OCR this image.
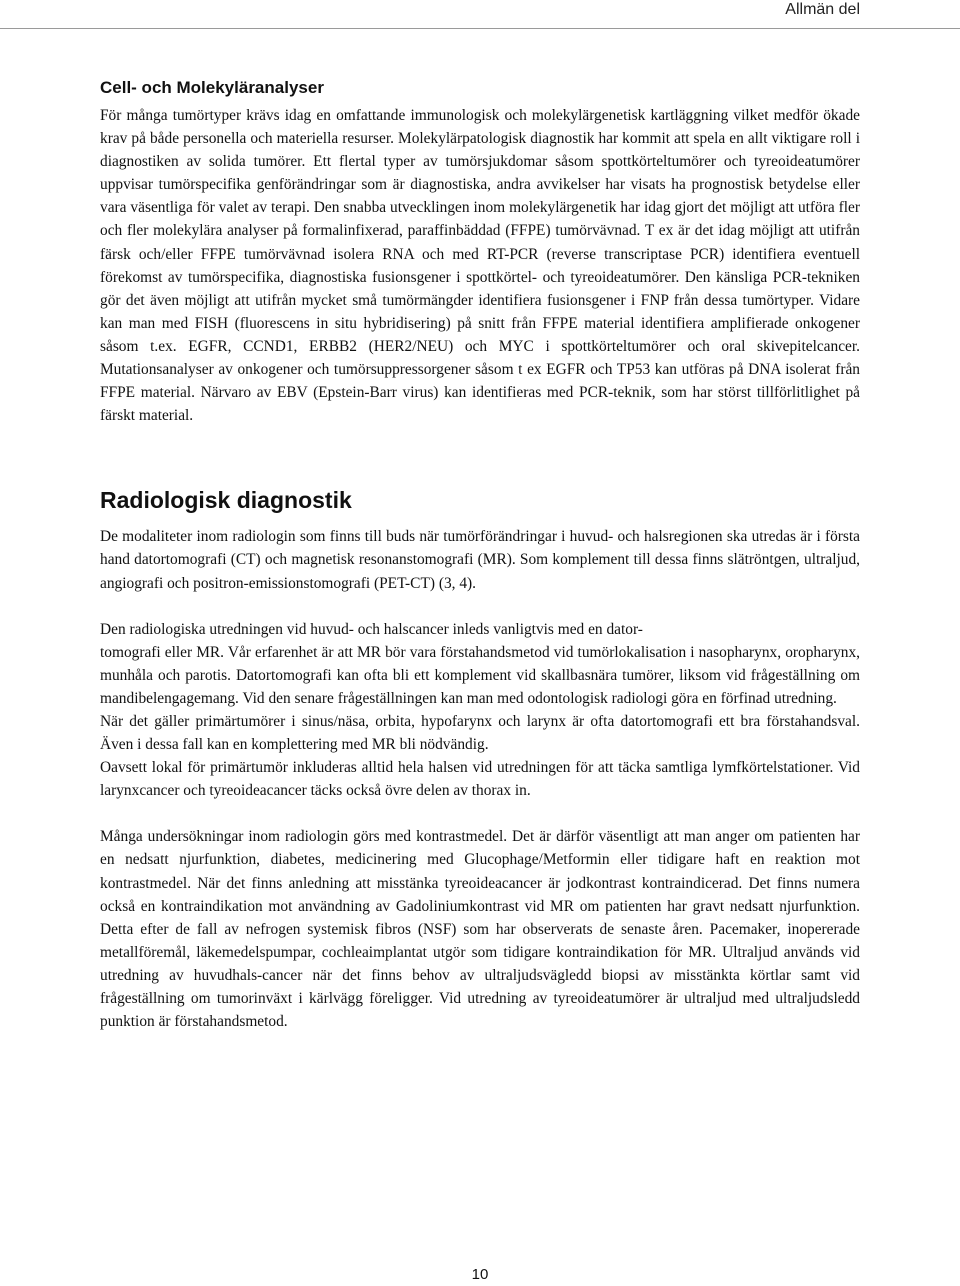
Allmän del
Cell- och Molekyläranalyser

För många tumörtyper krävs idag en omfattande immunologisk och molekylärgenetisk kartläggning vilket medför ökade krav på både personella och materiella resurser. Molekylärpatologisk diagnostik har kommit att spela en allt viktigare roll i diagnostiken av solida tumörer. Ett flertal typer av tumörsjukdomar såsom spottkörteltumörer och tyreoideatumörer uppvisar tumörspecifika genförändringar som är diagnostiska, andra avvikelser har visats ha prognostisk betydelse eller vara väsentliga för valet av terapi. Den snabba utvecklingen inom molekylärgenetik har idag gjort det möjligt att utföra fler och fler molekylära analyser på formalinfixerad, paraffinbäddad (FFPE) tumörvävnad. T ex är det idag möjligt att utifrån färsk och/eller FFPE tumörvävnad isolera RNA och med RT-PCR (reverse transcriptase PCR) identifiera eventuell förekomst av tumörspecifika, diagnostiska fusionsgener i spottkörtel- och tyreoideatumörer. Den känsliga PCR-tekniken gör det även möjligt att utifrån mycket små tumörmängder identifiera fusionsgener i FNP från dessa tumörtyper. Vidare kan man med FISH (fluorescens in situ hybridisering) på snitt från FFPE material identifiera amplifierade onkogener såsom t.ex. EGFR, CCND1, ERBB2 (HER2/NEU) och MYC i spottkörteltumörer och oral skivepitelcancer. Mutationsanalyser av onkogener och tumörsuppressorgener såsom t ex EGFR och TP53 kan utföras på DNA isolerat från FFPE material. Närvaro av EBV (Epstein-Barr virus) kan identifieras med PCR-teknik, som har störst tillförlitlighet på färskt material.

Radiologisk diagnostik

De modaliteter inom radiologin som finns till buds när tumörförändringar i huvud- och halsregionen ska utredas är i första hand datortomografi (CT) och magnetisk resonanstomografi (MR). Som komplement till dessa finns slätröntgen, ultraljud, angiografi och positron-emissionstomografi (PET-CT) (3, 4).

Den radiologiska utredningen vid huvud- och halscancer inleds vanligtvis med en dator-

tomografi eller MR. Vår erfarenhet är att MR bör vara förstahandsmetod vid tumörlokalisation i nasopharynx, oropharynx, munhåla och parotis. Datortomografi kan ofta bli ett komplement vid skallbasnära tumörer, liksom vid frågeställning om mandibelengagemang. Vid den senare frågeställningen kan man med odontologisk radiologi göra en förfinad utredning.

När det gäller primärtumörer i sinus/näsa, orbita, hypofarynx och larynx är ofta datortomografi ett bra förstahandsval. Även i dessa fall kan en komplettering med MR bli nödvändig.

Oavsett lokal för primärtumör inkluderas alltid hela halsen vid utredningen för att täcka samtliga lymfkörtelstationer. Vid larynxcancer och tyreoideacancer täcks också övre delen av thorax in.

Många undersökningar inom radiologin görs med kontrastmedel. Det är därför väsentligt att man anger om patienten har en nedsatt njurfunktion, diabetes, medicinering med Glucophage/Metformin eller tidigare haft en reaktion mot kontrastmedel. När det finns anledning att misstänka tyreoideacancer är jodkontrast kontraindicerad. Det finns numera också en kontraindikation mot användning av Gadoliniumkontrast vid MR om patienten har gravt nedsatt njurfunktion. Detta efter de fall av nefrogen systemisk fibros (NSF) som har observerats de senaste åren. Pacemaker, inopererade metallföremål, läkemedelspumpar, cochleaimplantat utgör som tidigare kontraindikation för MR. Ultraljud används vid utredning av huvudhals-cancer när det finns behov av ultraljudsvägledd biopsi av misstänkta körtlar samt vid frågeställning om tumorinväxt i kärlvägg föreligger. Vid utredning av tyreoideatumörer är ultraljud med ultraljudsledd punktion är förstahandsmetod.

10
